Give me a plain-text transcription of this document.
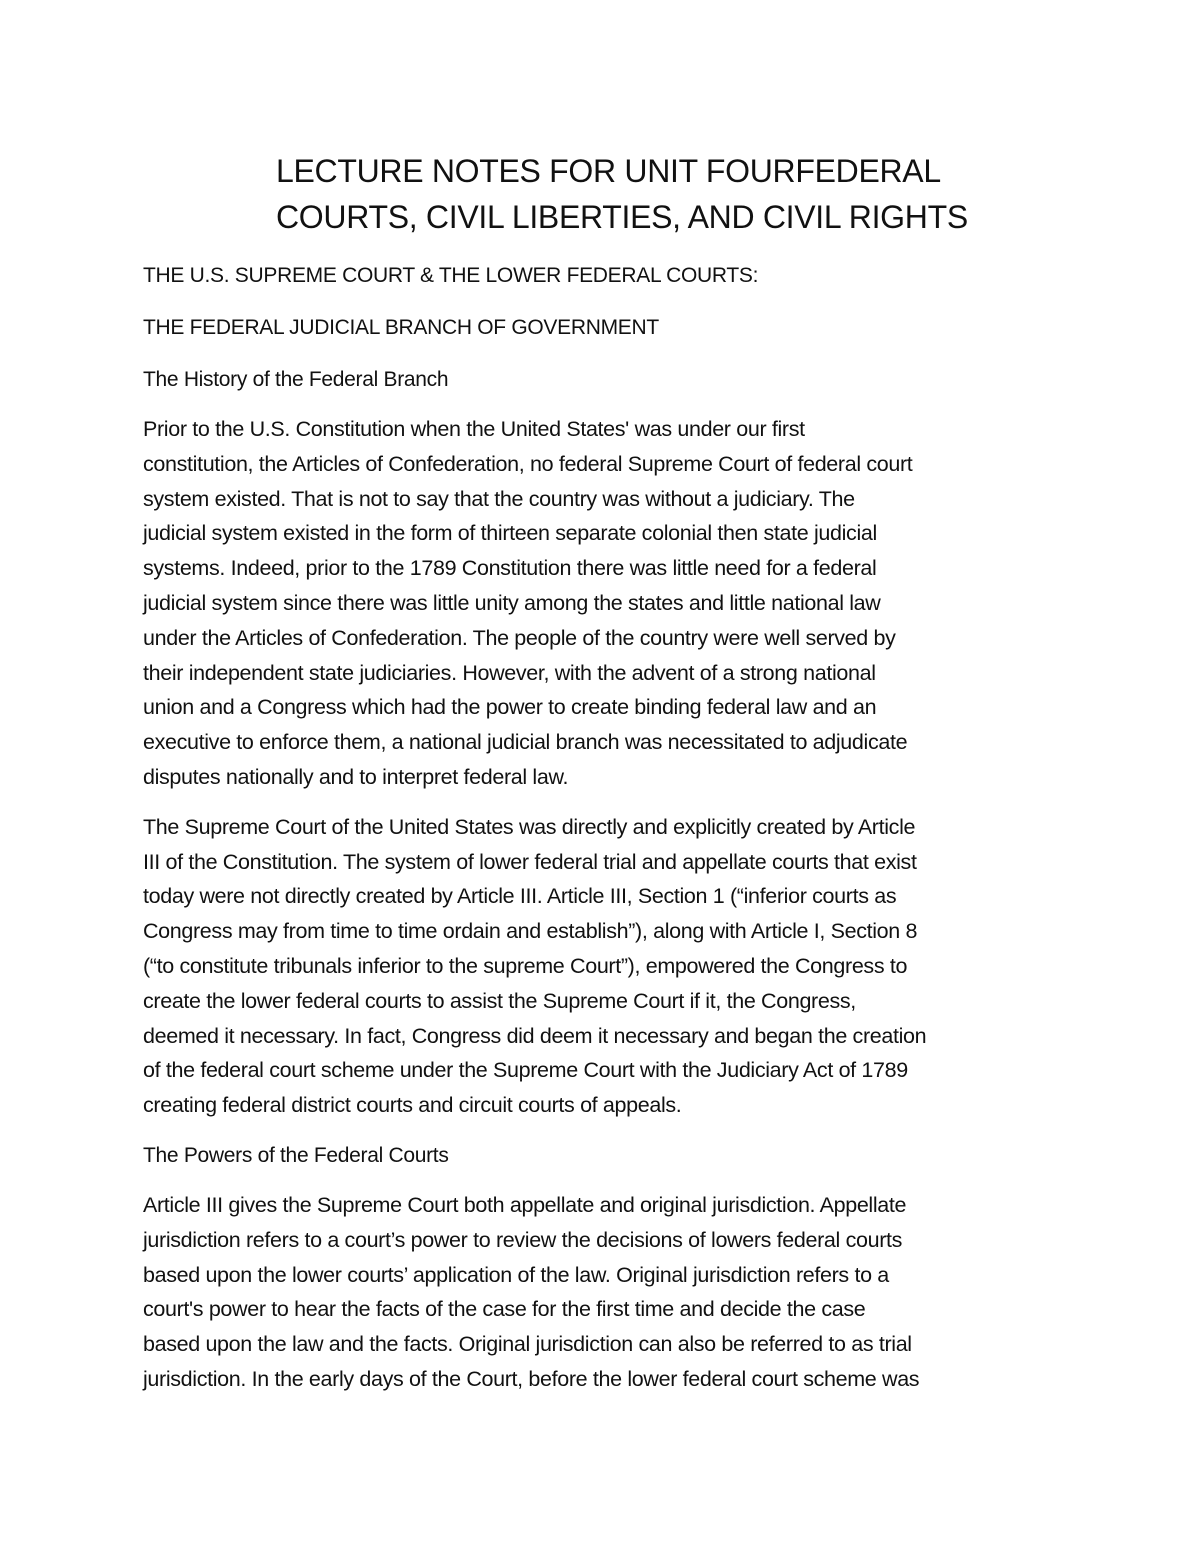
LECTURE NOTES FOR UNIT FOURFEDERAL
COURTS, CIVIL LIBERTIES, AND CIVIL RIGHTS

THE U.S. SUPREME COURT & THE LOWER FEDERAL COURTS:

THE FEDERAL JUDICIAL BRANCH OF GOVERNMENT

The History of the Federal Branch

Prior to the U.S. Constitution when the United States' was under our first
constitution, the Articles of Confederation, no federal Supreme Court of federal court
system existed. That is not to say that the country was without a judiciary. The
judicial system existed in the form of thirteen separate colonial then state judicial
systems. Indeed, prior to the 1789 Constitution there was little need for a federal
judicial system since there was little unity among the states and little national law
under the Articles of Confederation. The people of the country were well served by
their independent state judiciaries. However, with the advent of a strong national
union and a Congress which had the power to create binding federal law and an
executive to enforce them, a national judicial branch was necessitated to adjudicate
disputes nationally and to interpret federal law.

The Supreme Court of the United States was directly and explicitly created by Article
III of the Constitution. The system of lower federal trial and appellate courts that exist
today were not directly created by Article III. Article III, Section 1 (“inferior courts as
Congress may from time to time ordain and establish”), along with Article I, Section 8
(“to constitute tribunals inferior to the supreme Court”), empowered the Congress to
create the lower federal courts to assist the Supreme Court if it, the Congress,
deemed it necessary. In fact, Congress did deem it necessary and began the creation
of the federal court scheme under the Supreme Court with the Judiciary Act of 1789
creating federal district courts and circuit courts of appeals.

The Powers of the Federal Courts

Article III gives the Supreme Court both appellate and original jurisdiction. Appellate
jurisdiction refers to a court’s power to review the decisions of lowers federal courts
based upon the lower courts’ application of the law. Original jurisdiction refers to a
court's power to hear the facts of the case for the first time and decide the case
based upon the law and the facts. Original jurisdiction can also be referred to as trial
jurisdiction. In the early days of the Court, before the lower federal court scheme was
